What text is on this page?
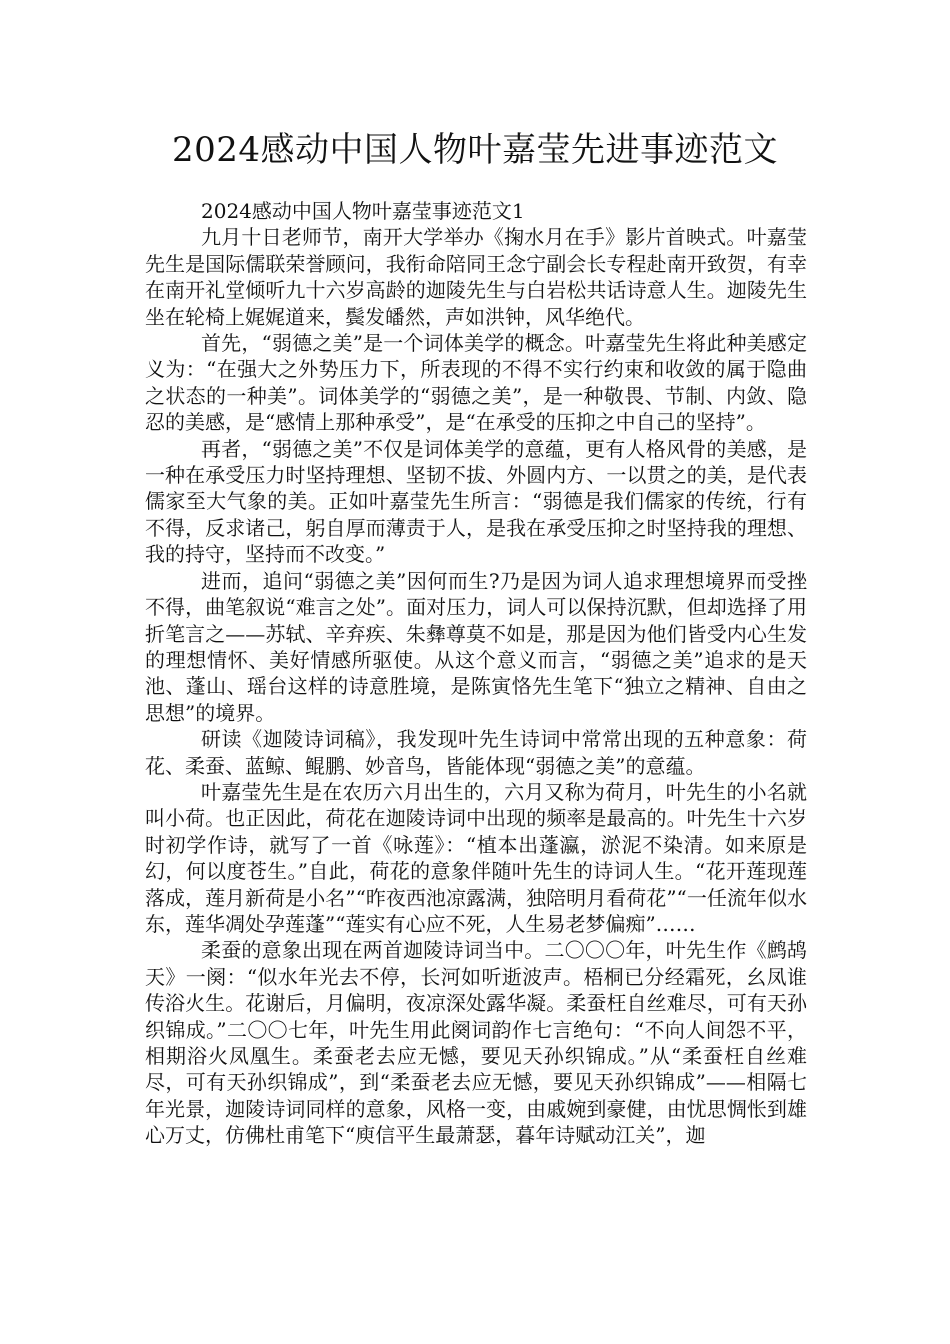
2024感动中国人物叶嘉莹先进事迹范文

2024感动中国人物叶嘉莹事迹范文1

九月十日老师节，南开大学举办《掬水月在手》影片首映式。叶嘉莹先生是国际儒联荣誉顾问，我衔命陪同王念宁副会长专程赴南开致贺，有幸在南开礼堂倾听九十六岁高龄的迦陵先生与白岩松共话诗意人生。迦陵先生坐在轮椅上娓娓道来，鬓发皤然，声如洪钟，风华绝代。

首先，“弱德之美”是一个词体美学的概念。叶嘉莹先生将此种美感定义为：“在强大之外势压力下，所表现的不得不实行约束和收敛的属于隐曲之状态的一种美”。词体美学的“弱德之美”，是一种敬畏、节制、内敛、隐忍的美感，是“感情上那种承受”，是“在承受的压抑之中自己的坚持”。

再者，“弱德之美”不仅是词体美学的意蕴，更有人格风骨的美感，是一种在承受压力时坚持理想、坚韧不拔、外圆内方、一以贯之的美，是代表儒家至大气象的美。正如叶嘉莹先生所言：“弱德是我们儒家的传统，行有不得，反求诸己，躬自厚而薄责于人，是我在承受压抑之时坚持我的理想、我的持守，坚持而不改变。”

进而，追问“弱德之美”因何而生?乃是因为词人追求理想境界而受挫不得，曲笔叙说“难言之处”。面对压力，词人可以保持沉默，但却选择了用折笔言之——苏轼、辛弃疾、朱彝尊莫不如是，那是因为他们皆受内心生发的理想情怀、美好情感所驱使。从这个意义而言，“弱德之美”追求的是天池、蓬山、瑶台这样的诗意胜境，是陈寅恪先生笔下“独立之精神、自由之思想”的境界。

研读《迦陵诗词稿》，我发现叶先生诗词中常常出现的五种意象：荷花、柔蚕、蓝鲸、鲲鹏、妙音鸟，皆能体现“弱德之美”的意蕴。

叶嘉莹先生是在农历六月出生的，六月又称为荷月，叶先生的小名就叫小荷。也正因此，荷花在迦陵诗词中出现的频率是最高的。叶先生十六岁时初学作诗，就写了一首《咏莲》：“植本出蓬瀛，淤泥不染清。如来原是幻，何以度苍生。”自此，荷花的意象伴随叶先生的诗词人生。“花开莲现莲落成，莲月新荷是小名”“昨夜西池凉露满，独陪明月看荷花”“一任流年似水东，莲华凋处孕莲蓬”“莲实有心应不死，人生易老梦偏痴”……

柔蚕的意象出现在两首迦陵诗词当中。二〇〇〇年，叶先生作《鹧鸪天》一阕：“似水年光去不停，长河如听逝波声。梧桐已分经霜死，幺凤谁传浴火生。花谢后，月偏明，夜凉深处露华凝。柔蚕枉自丝难尽，可有天孙织锦成。”二〇〇七年，叶先生用此阕词韵作七言绝句：“不向人间怨不平，相期浴火凤凰生。柔蚕老去应无憾，要见天孙织锦成。”从“柔蚕枉自丝难尽，可有天孙织锦成”，到“柔蚕老去应无憾，要见天孙织锦成”——相隔七年光景，迦陵诗词同样的意象，风格一变，由戚婉到豪健，由忧思惆怅到雄心万丈，仿佛杜甫笔下“庾信平生最萧瑟，暮年诗赋动江关”，迦
